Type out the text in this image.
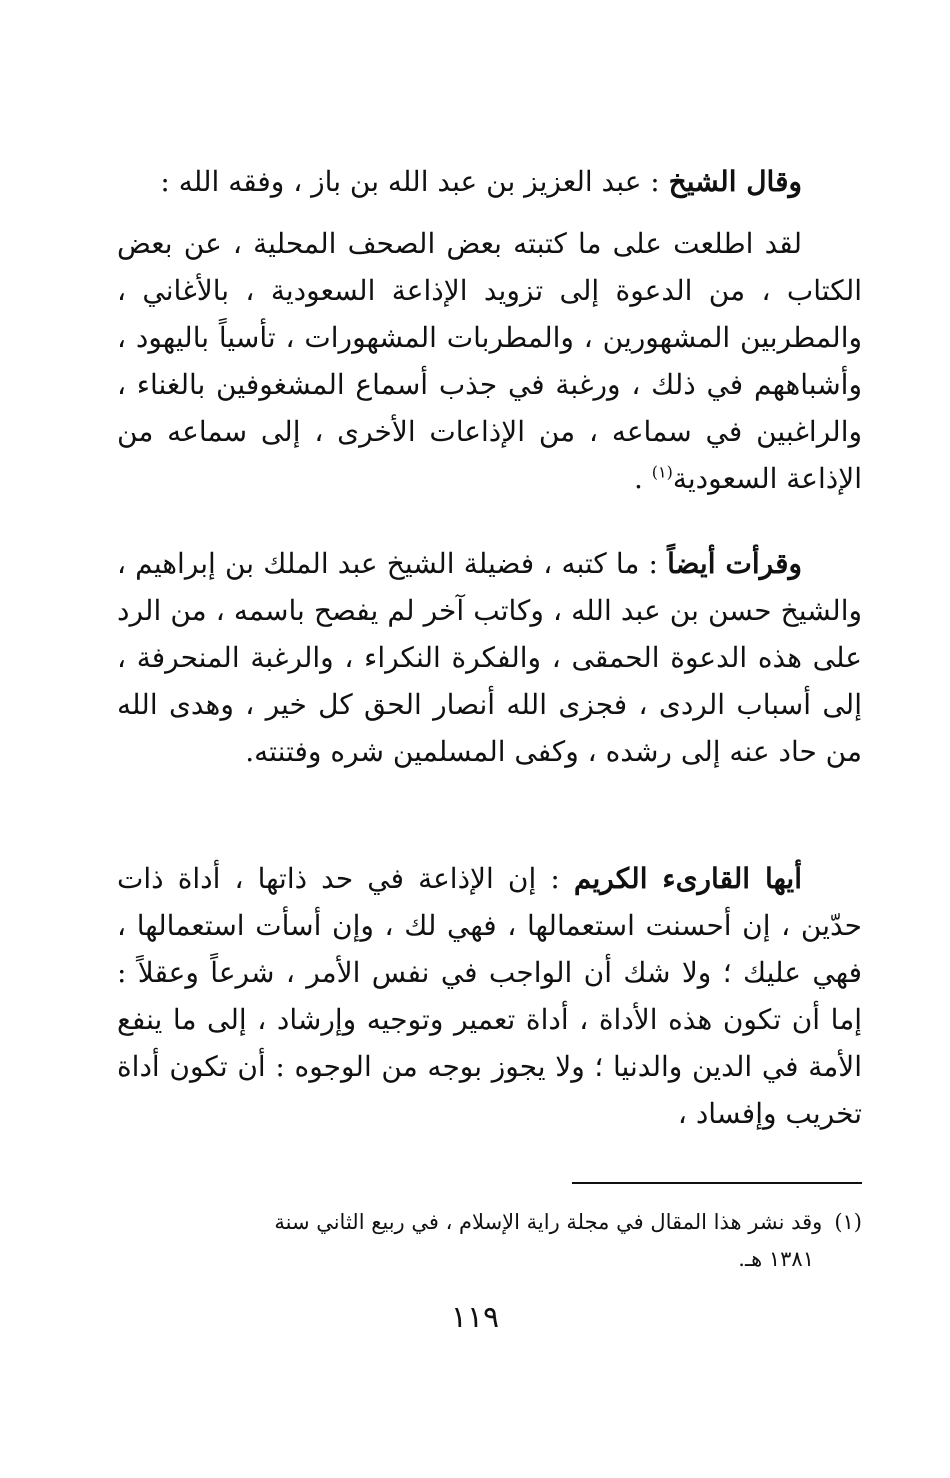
وقال الشيخ : عبد العزيز بن عبد الله بن باز ، وفقه الله :

لقد اطلعت على ما كتبته بعض الصحف المحلية ، عن بعض الكتاب ، من الدعوة إلى تزويد الإذاعة السعودية ، بالأغاني ، والمطربين المشهورين ، والمطربات المشهورات ، تأسياً باليهود ، وأشباههم في ذلك ، ورغبة في جذب أسماع المشغوفين بالغناء ، والراغبين في سماعه ، من الإذاعات الأخرى ، إلى سماعه من الإذاعة السعودية$^{(١)}$ .

وقرأت أيضاً : ما كتبه ، فضيلة الشيخ عبد الملك بن إبراهيم ، والشيخ حسن بن عبد الله ، وكاتب آخر لم يفصح باسمه ، من الرد على هذه الدعوة الحمقى ، والفكرة النكراء ، والرغبة المنحرفة ، إلى أسباب الردى ، فجزى الله أنصار الحق كل خير ، وهدى الله من حاد عنه إلى رشده ، وكفى المسلمين شره وفتنته.

أيها القارىء الكريم : إن الإذاعة في حد ذاتها ، أداة ذات حدّين ، إن أحسنت استعمالها ، فهي لك ، وإن أسأت استعمالها ، فهي عليك ؛ ولا شك أن الواجب في نفس الأمر ، شرعاً وعقلاً : إما أن تكون هذه الأداة ، أداة تعمير وتوجيه وإرشاد ، إلى ما ينفع الأمة في الدين والدنيا ؛ ولا يجوز بوجه من الوجوه : أن تكون أداة تخريب وإفساد ،

(١)وقد نشر هذا المقال في مجلة راية الإسلام ، في ربيع الثاني سنة
١٣٨١ هـ.
١١٩
